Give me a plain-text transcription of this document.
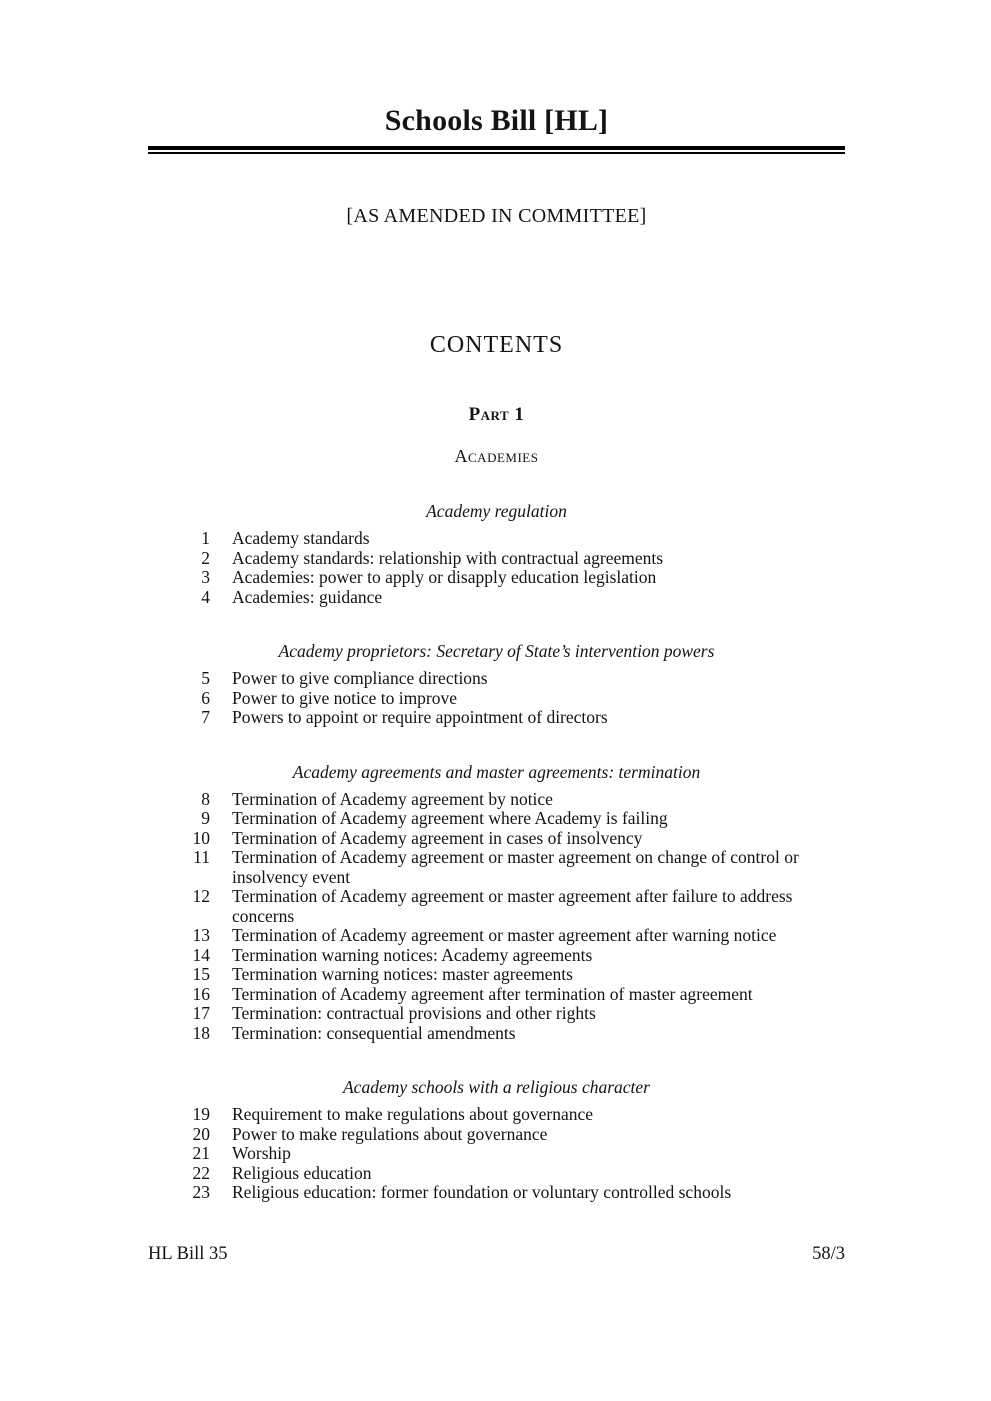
Schools Bill [HL]
[AS AMENDED IN COMMITTEE]
CONTENTS
Part 1
Academies
Academy regulation
1 Academy standards
2 Academy standards: relationship with contractual agreements
3 Academies: power to apply or disapply education legislation
4 Academies: guidance
Academy proprietors: Secretary of State’s intervention powers
5 Power to give compliance directions
6 Power to give notice to improve
7 Powers to appoint or require appointment of directors
Academy agreements and master agreements: termination
8 Termination of Academy agreement by notice
9 Termination of Academy agreement where Academy is failing
10 Termination of Academy agreement in cases of insolvency
11 Termination of Academy agreement or master agreement on change of control or insolvency event
12 Termination of Academy agreement or master agreement after failure to address concerns
13 Termination of Academy agreement or master agreement after warning notice
14 Termination warning notices: Academy agreements
15 Termination warning notices: master agreements
16 Termination of Academy agreement after termination of master agreement
17 Termination: contractual provisions and other rights
18 Termination: consequential amendments
Academy schools with a religious character
19 Requirement to make regulations about governance
20 Power to make regulations about governance
21 Worship
22 Religious education
23 Religious education: former foundation or voluntary controlled schools
HL Bill 35	58/3
